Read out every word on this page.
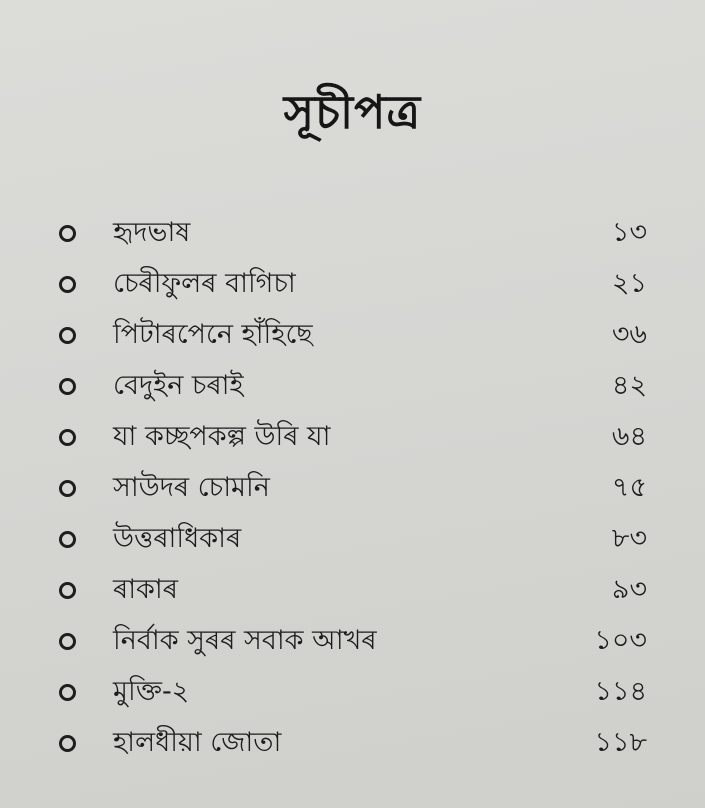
সূচীপত্র
হৃদভাষ	১৩
চেৰীফুলৰ বাগিচা	২১
পিটাৰপেনে হাঁহিছে	৩৬
বেদুইন চৰাই	৪২
যা কচ্ছপকল্প উৰি যা	৬৪
সাউদৰ চোমনি	৭৫
উত্তৰাধিকাৰ	৮৩
ৰাকাৰ	৯৩
নিৰ্বাক সুৰৰ সবাক আখৰ	১০৩
মুক্তি-২	১১৪
হালধীয়া জোতা	১১৮
